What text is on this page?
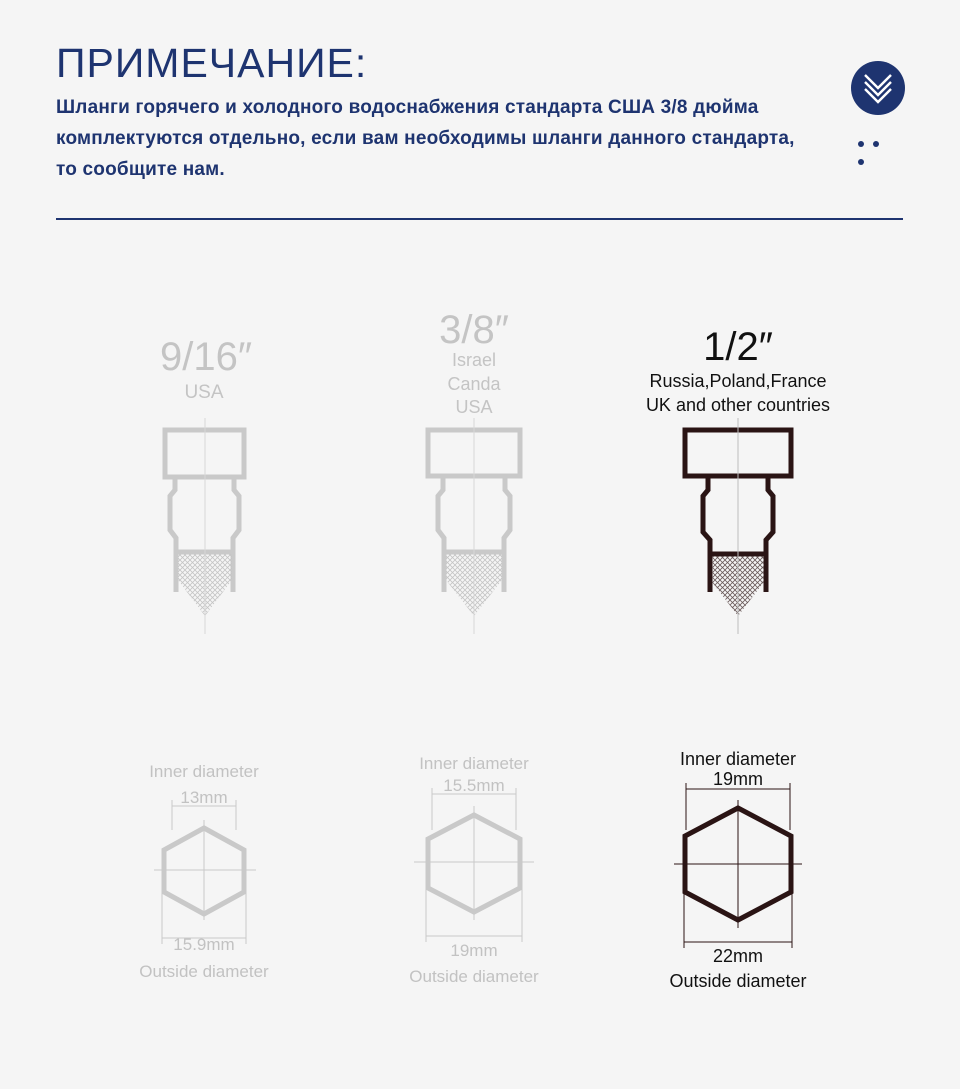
ПРИМЕЧАНИЕ:
Шланги горячего и холодного водоснабжения стандарта США 3/8 дюйма комплектуются отдельно, если вам необходимы шланги данного стандарта, то сообщите нам.
9/16″
USA
Inner diameter
13mm
15.9mm
Outside diameter
3/8″
Israel
Canda
USA
Inner diameter
15.5mm
19mm
Outside diameter
1/2″
Russia,Poland,France
UK and other countries
Inner diameter
19mm
22mm
Outside diameter
